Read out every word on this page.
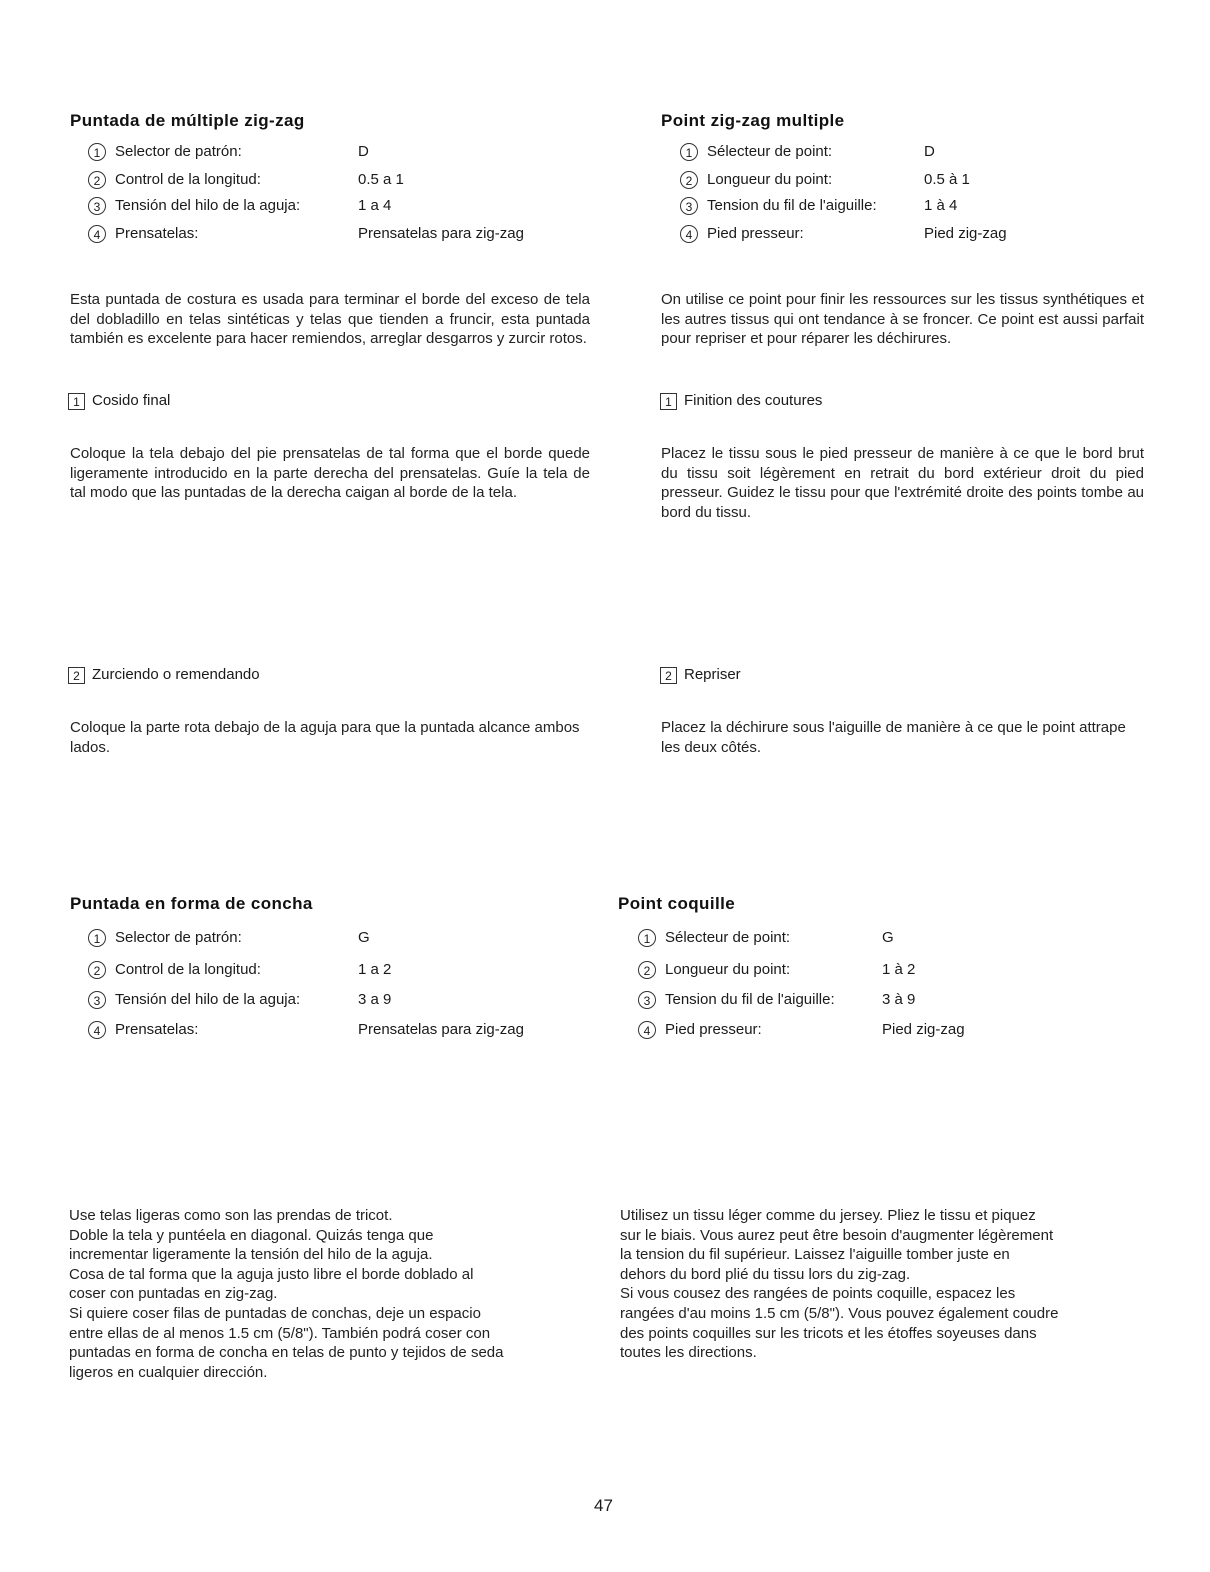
Puntada de múltiple zig-zag
1 Selector de patrón:	D
2 Control de la longitud:	0.5 a 1
3 Tensión del hilo de la aguja:	1 a 4
4 Prensatelas:	Prensatelas para zig-zag
Esta puntada de costura es usada para terminar el borde del exceso de tela del dobladillo en telas sintéticas y telas que tienden a fruncir, esta puntada también es excelente para hacer remiendos, arreglar desgarros y zurcir rotos.
1 Cosido final
Coloque la tela debajo del pie prensatelas de tal forma que el borde quede ligeramente introducido en la parte derecha del prensatelas. Guíe la tela de tal modo que las puntadas de la derecha caigan al borde de la tela.
2 Zurciendo o remendando
Coloque la parte rota debajo de la aguja para que la puntada alcance ambos lados.
Point zig-zag multiple
1 Sélecteur de point:	D
2 Longueur du point:	0.5 à 1
3 Tension du fil de l'aiguille:	1 à 4
4 Pied presseur:	Pied zig-zag
On utilise ce point pour finir les ressources sur les tissus synthétiques et les autres tissus qui ont tendance à se froncer. Ce point est aussi parfait pour repriser et pour réparer les déchirures.
1 Finition des coutures
Placez le tissu sous le pied presseur de manière à ce que le bord brut du tissu soit légèrement en retrait du bord extérieur droit du pied presseur. Guidez le tissu pour que l'extrémité droite des points tombe au bord du tissu.
2 Repriser
Placez la déchirure sous l'aiguille de manière à ce que le point attrape les deux côtés.
Puntada en forma de concha
1 Selector de patrón:	G
2 Control de la longitud:	1 a 2
3 Tensión del hilo de la aguja:	3 a 9
4 Prensatelas:	Prensatelas para zig-zag
Use telas ligeras como son las prendas de tricot.
Doble la tela y puntéela en diagonal. Quizás tenga que
incrementar ligeramente la tensión del hilo de la aguja.
Cosa de tal forma que la aguja justo libre el borde doblado al
coser con puntadas en zig-zag.
Si quiere coser filas de puntadas de conchas, deje un espacio
entre ellas de al menos 1.5 cm (5/8"). También podrá coser con
puntadas en forma de concha en telas de punto y tejidos de seda
ligeros en cualquier dirección.
Point coquille
1 Sélecteur de point:	G
2 Longueur du point:	1 à 2
3 Tension du fil de l'aiguille:	3 à 9
4 Pied presseur:	Pied zig-zag
Utilisez un tissu léger comme du jersey. Pliez le tissu et piquez
sur le biais. Vous aurez peut être besoin d'augmenter légèrement
la tension du fil supérieur. Laissez l'aiguille tomber juste en
dehors du bord plié du tissu lors du zig-zag.
Si vous cousez des rangées de points coquille, espacez les
rangées d'au moins 1.5 cm (5/8"). Vous pouvez également coudre
des points coquilles sur les tricots et les étoffes soyeuses dans
toutes les directions.
47
